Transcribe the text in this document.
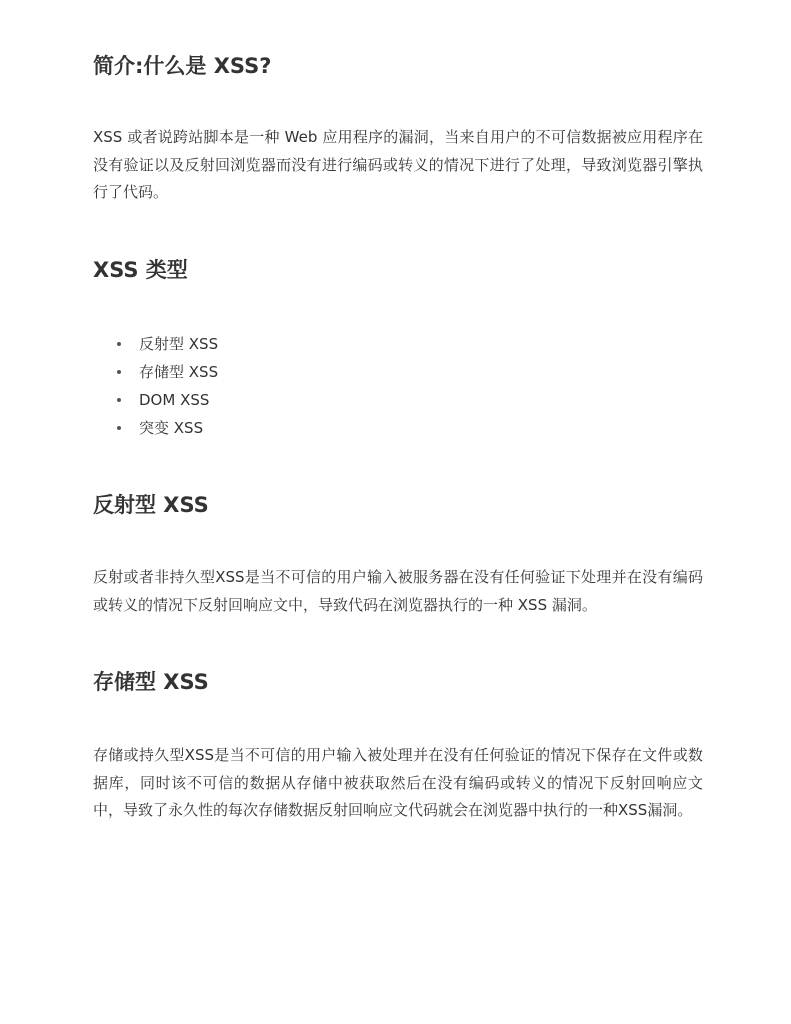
简介:什么是 XSS?

XSS 或者说跨站脚本是一种 Web 应用程序的漏洞，当来自用户的不可信数据被应用程序在没有验证以及反射回浏览器而没有进行编码或转义的情况下进行了处理，导致浏览器引擎执行了代码。

XSS 类型
反射型 XSS
存储型 XSS
DOM XSS
突变 XSS
反射型 XSS

反射或者非持久型XSS是当不可信的用户输入被服务器在没有任何验证下处理并在没有编码或转义的情况下反射回响应文中，导致代码在浏览器执行的一种 XSS 漏洞。

存储型 XSS

存储或持久型XSS是当不可信的用户输入被处理并在没有任何验证的情况下保存在文件或数据库，同时该不可信的数据从存储中被获取然后在没有编码或转义的情况下反射回响应文中，导致了永久性的每次存储数据反射回响应文代码就会在浏览器中执行的一种XSS漏洞。
